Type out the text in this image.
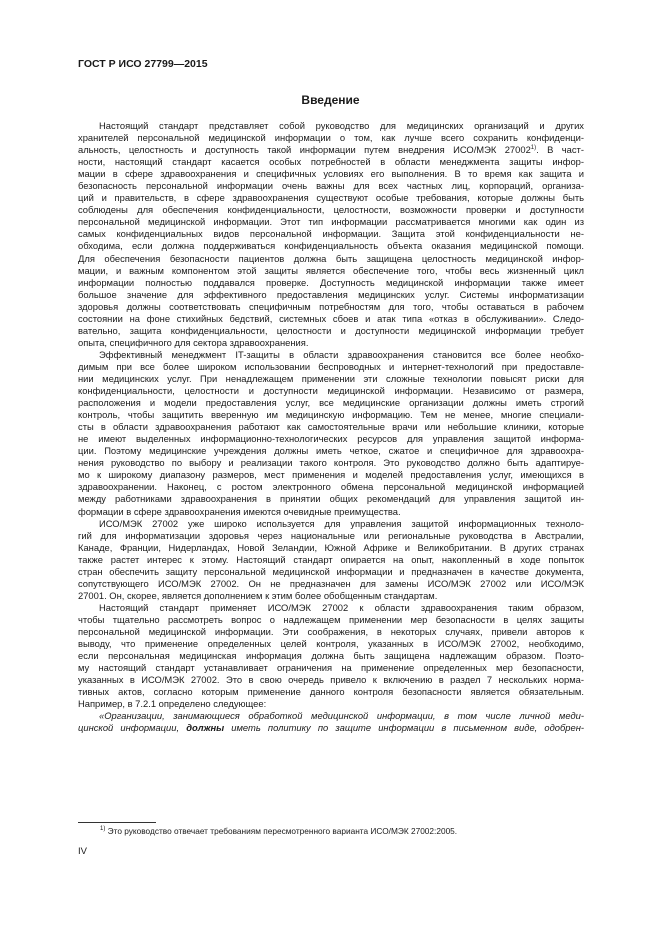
ГОСТ Р ИСО 27799—2015
Введение
Настоящий стандарт представляет собой руководство для медицинских организаций и других
хранителей персональной медицинской информации о том, как лучше всего сохранить конфиденци-
альность, целостность и доступность такой информации путем внедрения ИСО/МЭК 27002$^{1)}$. В част-
ности, настоящий стандарт касается особых потребностей в области менеджмента защиты инфор-
мации в сфере здравоохранения и специфичных условиях его выполнения. В то время как защита и
безопасность персональной информации очень важны для всех частных лиц, корпораций, организа-
ций и правительств, в сфере здравоохранения существуют особые требования, которые должны быть
соблюдены для обеспечения конфиденциальности, целостности, возможности проверки и доступности
персональной медицинской информации. Этот тип информации рассматривается многими как один из
самых конфиденциальных видов персональной информации. Защита этой конфиденциальности не-
обходима, если должна поддерживаться конфиденциальность объекта оказания медицинской помощи.
Для обеспечения безопасности пациентов должна быть защищена целостность медицинской инфор-
мации, и важным компонентом этой защиты является обеспечение того, чтобы весь жизненный цикл
информации полностью поддавался проверке. Доступность медицинской информации также имеет
большое значение для эффективного предоставления медицинских услуг. Системы информатизации
здоровья должны соответствовать специфичным потребностям для того, чтобы оставаться в рабочем
состоянии на фоне стихийных бедствий, системных сбоев и атак типа «отказ в обслуживании». Следо-
вательно, защита конфиденциальности, целостности и доступности медицинской информации требует
опыта, специфичного для сектора здравоохранения.
Эффективный менеджмент IT-защиты в области здравоохранения становится все более необхо-
димым при все более широком использовании беспроводных и интернет-технологий при предоставле-
нии медицинских услуг. При ненадлежащем применении эти сложные технологии повысят риски для
конфиденциальности, целостности и доступности медицинской информации. Независимо от размера,
расположения и модели предоставления услуг, все медицинские организации должны иметь строгий
контроль, чтобы защитить вверенную им медицинскую информацию. Тем не менее, многие специали-
сты в области здравоохранения работают как самостоятельные врачи или небольшие клиники, которые
не имеют выделенных информационно-технологических ресурсов для управления защитой информа-
ции. Поэтому медицинские учреждения должны иметь четкое, сжатое и специфичное для здравоохра-
нения руководство по выбору и реализации такого контроля. Это руководство должно быть адаптируе-
мо к широкому диапазону размеров, мест применения и моделей предоставления услуг, имеющихся в
здравоохранении. Наконец, с ростом электронного обмена персональной медицинской информацией
между работниками здравоохранения в принятии общих рекомендаций для управления защитой ин-
формации в сфере здравоохранения имеются очевидные преимущества.
ИСО/МЭК 27002 уже широко используется для управления защитой информационных техноло-
гий для информатизации здоровья через национальные или региональные руководства в Австралии,
Канаде, Франции, Нидерландах, Новой Зеландии, Южной Африке и Великобритании. В других странах
также растет интерес к этому. Настоящий стандарт опирается на опыт, накопленный в ходе попыток
стран обеспечить защиту персональной медицинской информации и предназначен в качестве документа,
сопутствующего ИСО/МЭК 27002. Он не предназначен для замены ИСО/МЭК 27002 или ИСО/МЭК
27001. Он, скорее, является дополнением к этим более обобщенным стандартам.
Настоящий стандарт применяет ИСО/МЭК 27002 к области здравоохранения таким образом,
чтобы тщательно рассмотреть вопрос о надлежащем применении мер безопасности в целях защиты
персональной медицинской информации. Эти соображения, в некоторых случаях, привели авторов к
выводу, что применение определенных целей контроля, указанных в ИСО/МЭК 27002, необходимо,
если персональная медицинская информация должна быть защищена надлежащим образом. Поэто-
му настоящий стандарт устанавливает ограничения на применение определенных мер безопасности,
указанных в ИСО/МЭК 27002. Это в свою очередь привело к включению в раздел 7 нескольких норма-
тивных актов, согласно которым применение данного контроля безопасности является обязательным.
Например, в 7.2.1 определено следующее:
«Организации, занимающиеся обработкой медицинской информации, в том числе личной меди-
цинской информации, должны иметь политику по защите информации в письменном виде, одобрен-
$^{1)}$ Это руководство отвечает требованиям пересмотренного варианта ИСО/МЭК 27002:2005.
IV
